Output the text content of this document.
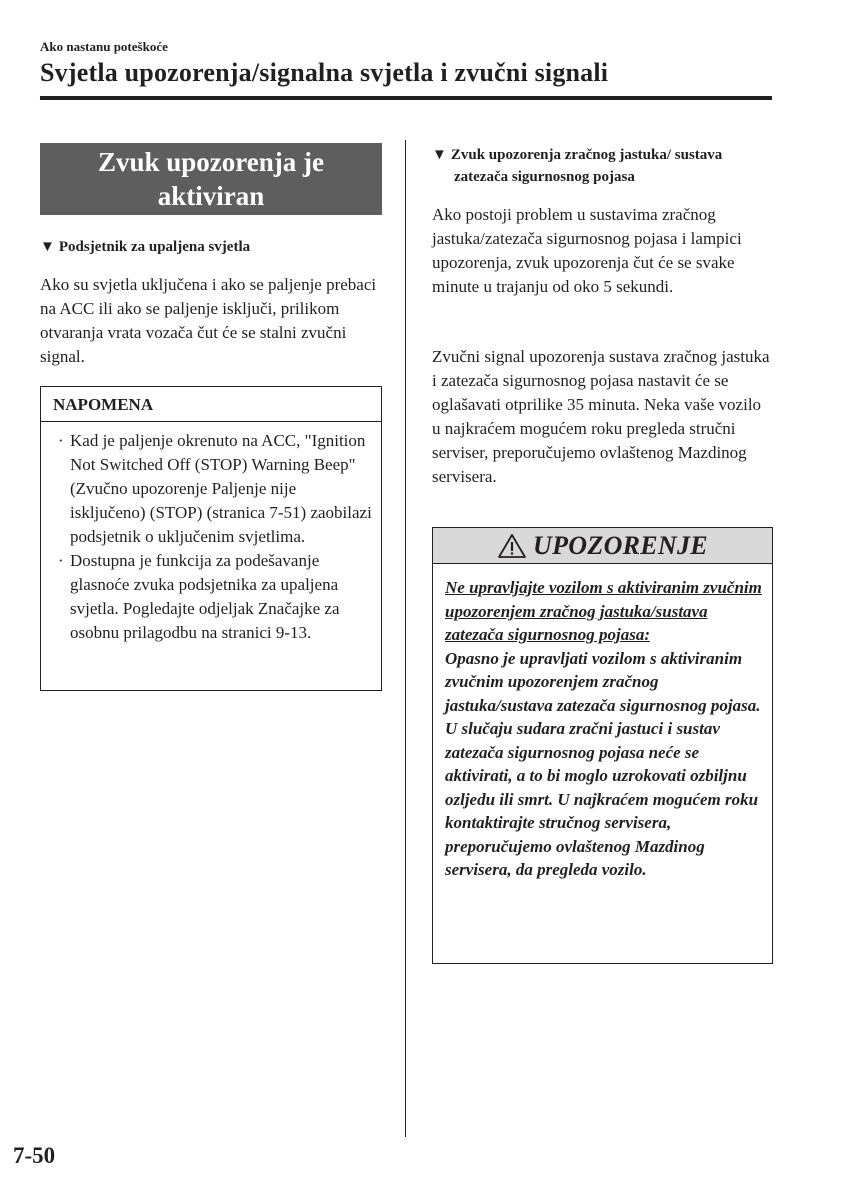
Ako nastanu poteškoće
Svjetla upozorenja/signalna svjetla i zvučni signali
Zvuk upozorenja je aktiviran
▼ Podsjetnik za upaljena svjetla
Ako su svjetla uključena i ako se paljenje prebaci na ACC ili ako se paljenje isključi, prilikom otvaranja vrata vozača čut će se stalni zvučni signal.
NAPOMENA
· Kad je paljenje okrenuto na ACC, "Ignition Not Switched Off (STOP) Warning Beep" (Zvučno upozorenje Paljenje nije isključeno) (STOP) (stranica 7-51) zaobilazi podsjetnik o uključenim svjetlima.
· Dostupna je funkcija za podešavanje glasnoće zvuka podsjetnika za upaljena svjetla. Pogledajte odjeljak Značajke za osobnu prilagodbu na stranici 9-13.
▼ Zvuk upozorenja zračnog jastuka/ sustava zatezača sigurnosnog pojasa
Ako postoji problem u sustavima zračnog jastuka/zatezača sigurnosnog pojasa i lampici upozorenja, zvuk upozorenja čut će se svake minute u trajanju od oko 5 sekundi.
Zvučni signal upozorenja sustava zračnog jastuka i zatezača sigurnosnog pojasa nastavit će se oglašavati otprilike 35 minuta. Neka vaše vozilo u najkraćem mogućem roku pregleda stručni serviser, preporučujemo ovlaštenog Mazdinog servisera.
UPOZORENJE
Ne upravljajte vozilom s aktiviranim zvučnim upozorenjem zračnog jastuka/sustava zatezača sigurnosnog pojasa:
Opasno je upravljati vozilom s aktiviranim zvučnim upozorenjem zračnog jastuka/sustava zatezača sigurnosnog pojasa. U slučaju sudara zračni jastuci i sustav zatezača sigurnosnog pojasa neće se aktivirati, a to bi moglo uzrokovati ozbiljnu ozljedu ili smrt. U najkraćem mogućem roku kontaktirajte stručnog servisera, preporučujemo ovlaštenog Mazdinog servisera, da pregleda vozilo.
7-50
